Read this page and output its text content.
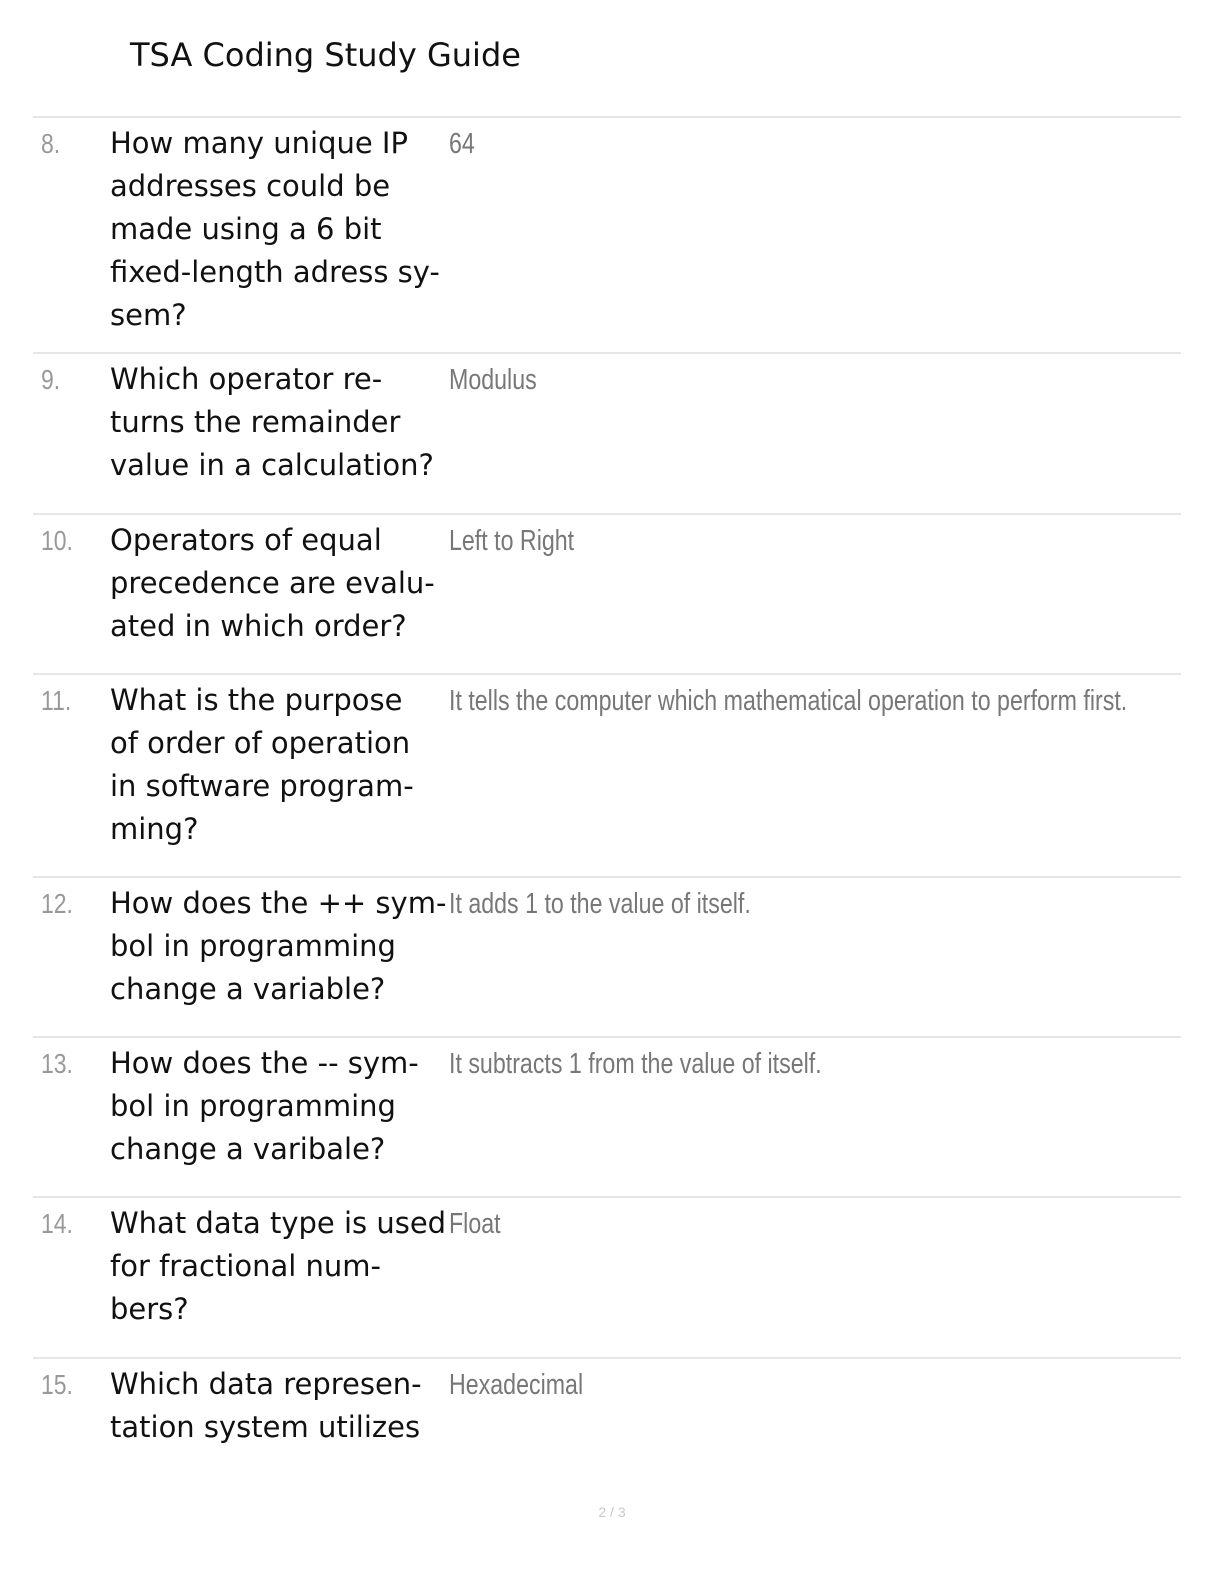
TSA Coding Study Guide
8. How many unique IP
addresses could be
made using a 6 bit
fixed-length adress sy-
sem?
64
9. Which operator re-
turns the remainder
value in a calculation?
Modulus
10. Operators of equal
precedence are evalu-
ated in which order?
Left to Right
11. What is the purpose
of order of operation
in software program-
ming?
It tells the computer which mathematical operation to perform first.
12. How does the ++ sym-
bol in programming
change a variable?
It adds 1 to the value of itself.
13. How does the -- sym-
bol in programming
change a varibale?
It subtracts 1 from the value of itself.
14. What data type is used
for fractional num-
bers?
Float
15. Which data represen-
tation system utilizes
Hexadecimal
2 / 3
